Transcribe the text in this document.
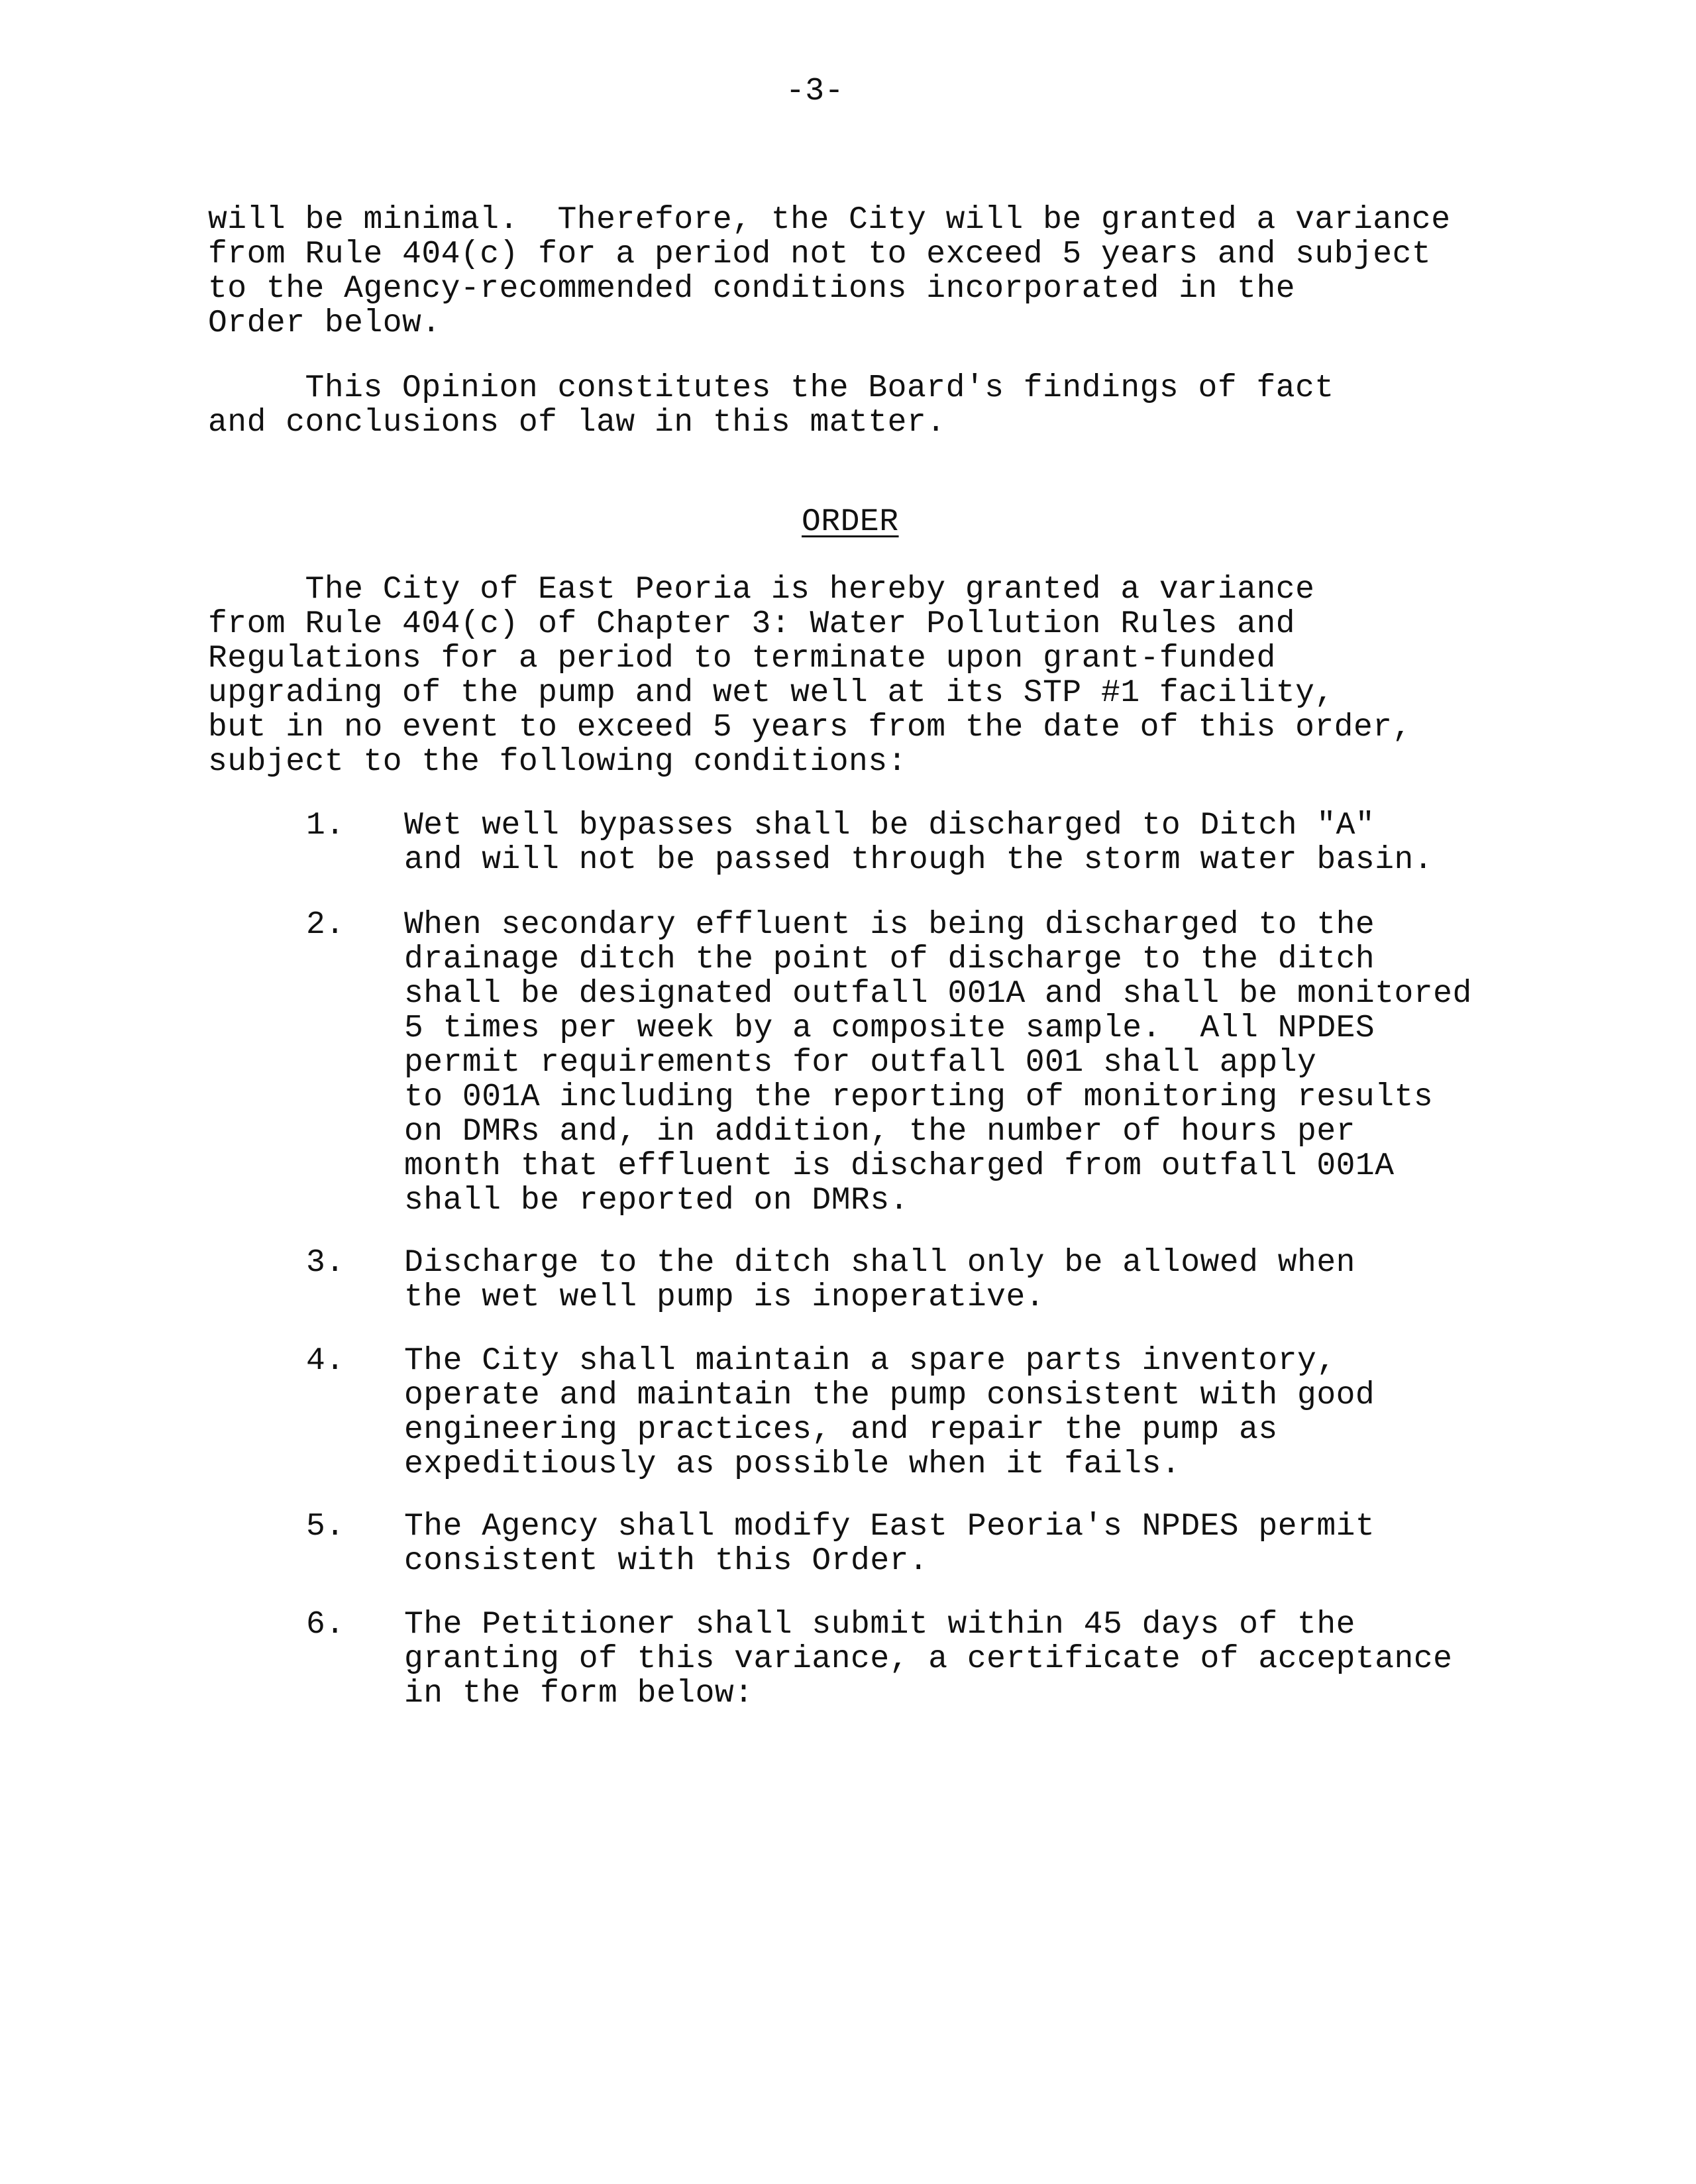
-3-
will be minimal.  Therefore, the City will be granted a variance
from Rule 404(c) for a period not to exceed 5 years and subject
to the Agency-recommended conditions incorporated in the
Order below.
This Opinion constitutes the Board's findings of fact
and conclusions of law in this matter.
ORDER
The City of East Peoria is hereby granted a variance
from Rule 404(c) of Chapter 3: Water Pollution Rules and
Regulations for a period to terminate upon grant-funded
upgrading of the pump and wet well at its STP #1 facility,
but in no event to exceed 5 years from the date of this order,
subject to the following conditions:
1. Wet well bypasses shall be discharged to Ditch "A"
and will not be passed through the storm water basin.
2. When secondary effluent is being discharged to the
drainage ditch the point of discharge to the ditch
shall be designated outfall 001A and shall be monitored
5 times per week by a composite sample.  All NPDES
permit requirements for outfall 001 shall apply
to 001A including the reporting of monitoring results
on DMRs and, in addition, the number of hours per
month that effluent is discharged from outfall 001A
shall be reported on DMRs.
3. Discharge to the ditch shall only be allowed when
the wet well pump is inoperative.
4. The City shall maintain a spare parts inventory,
operate and maintain the pump consistent with good
engineering practices, and repair the pump as
expeditiously as possible when it fails.
5. The Agency shall modify East Peoria's NPDES permit
consistent with this Order.
6. The Petitioner shall submit within 45 days of the
granting of this variance, a certificate of acceptance
in the form below:
